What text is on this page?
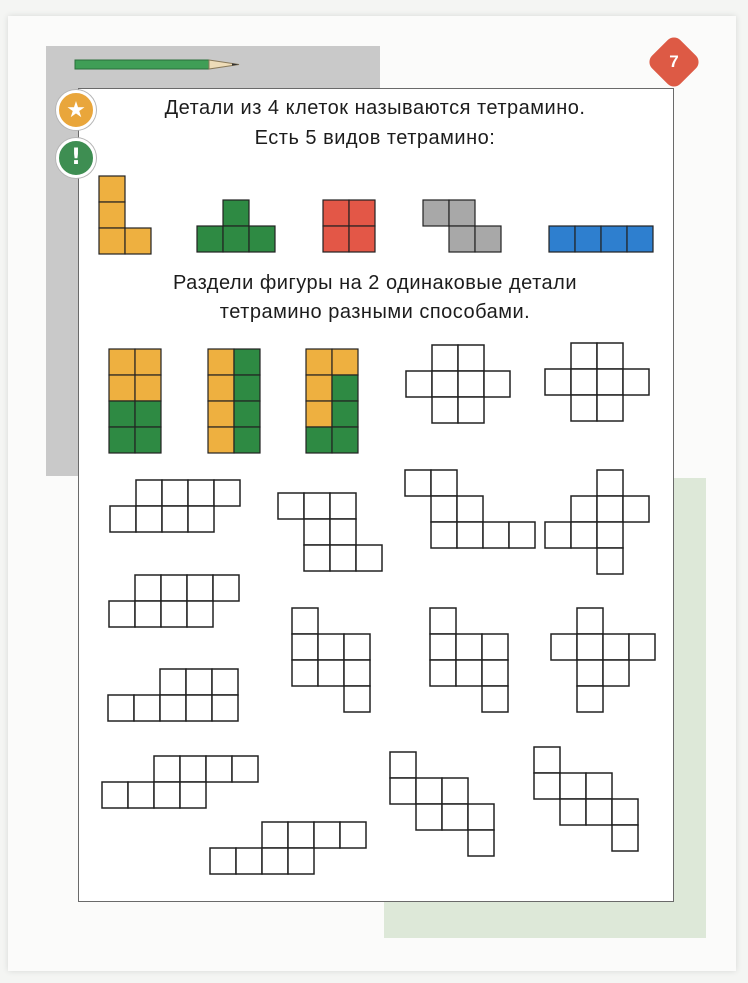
7
★
!
Детали из 4 клеток называются тетрамино.
Есть 5 видов тетрамино:
Раздели фигуры на 2 одинаковые детали
тетрамино разными способами.
